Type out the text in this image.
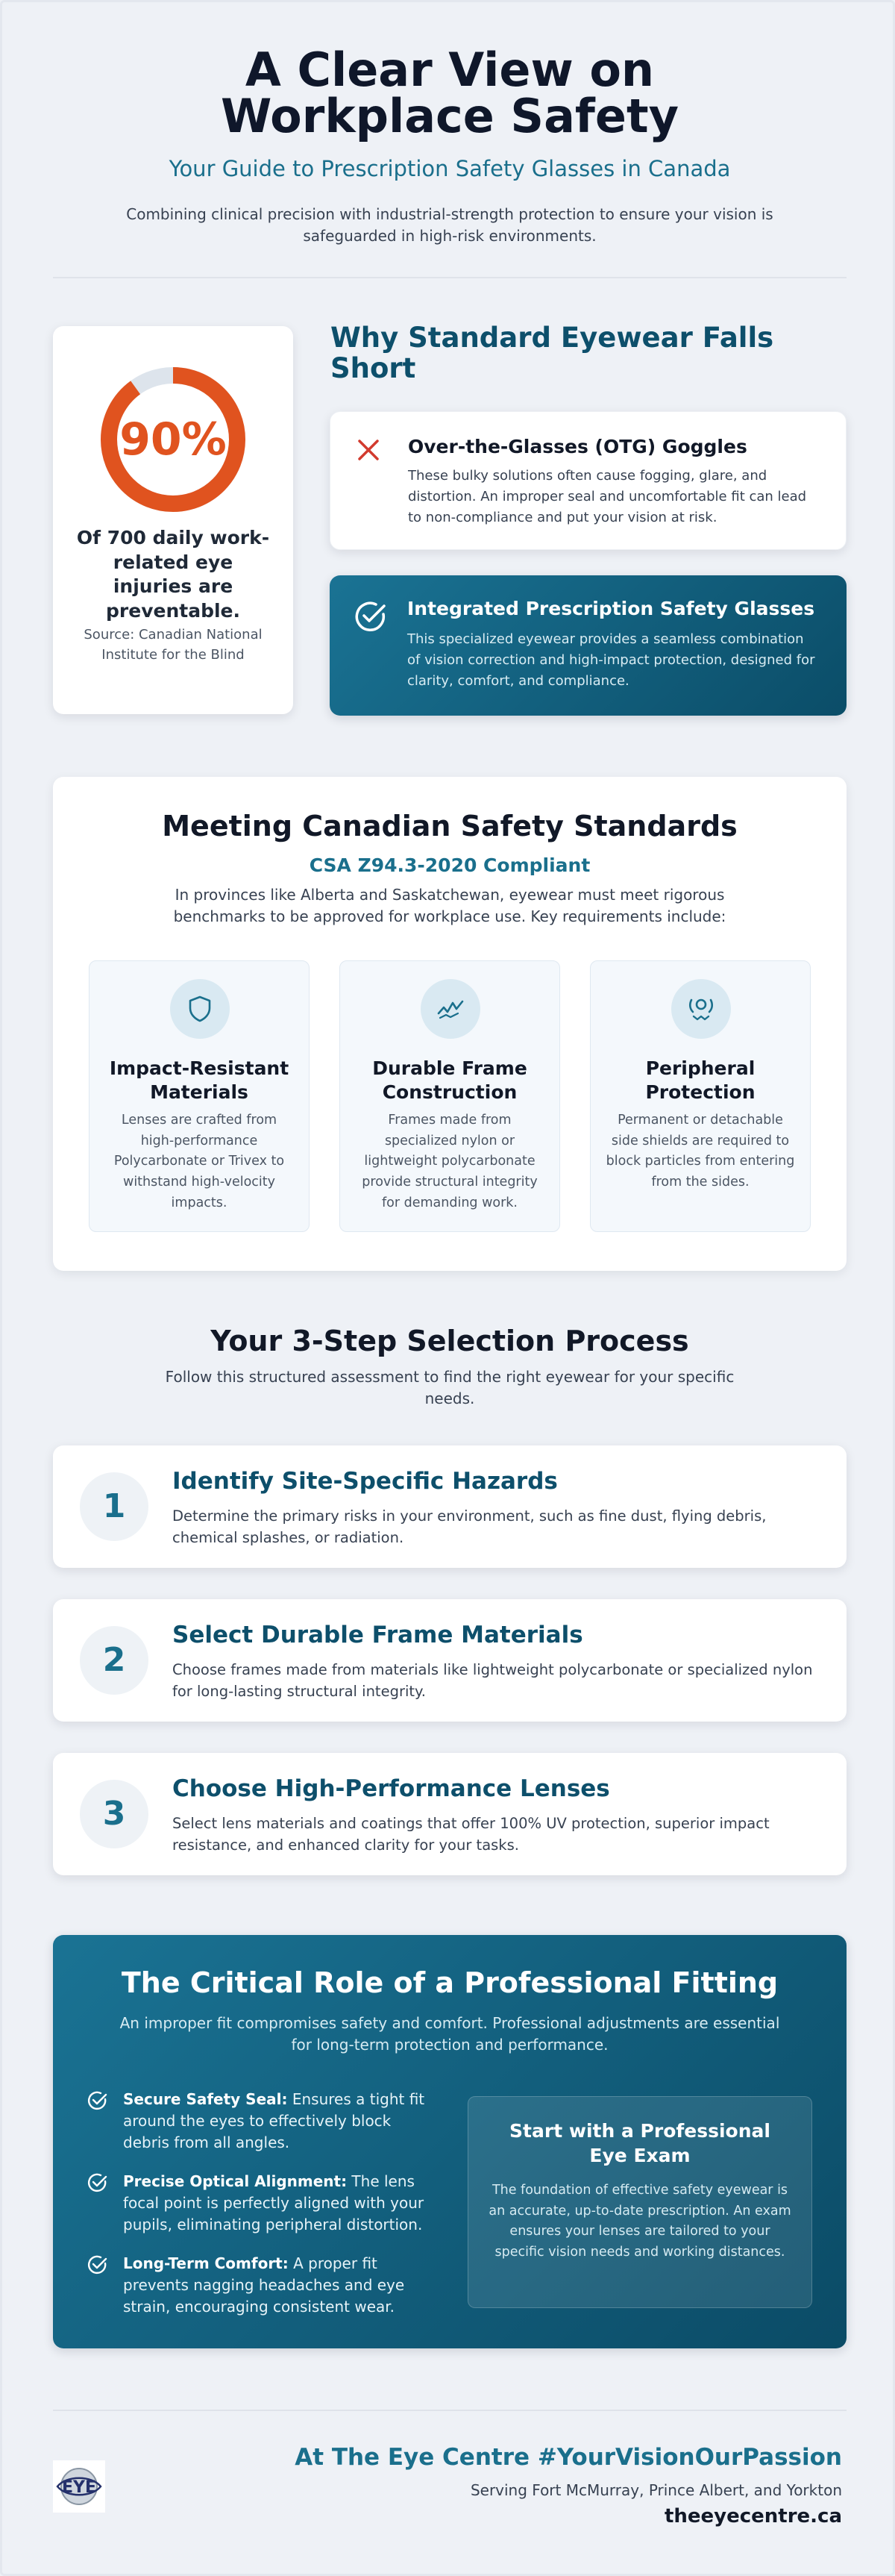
A Clear View on Workplace Safety
Your Guide to Prescription Safety Glasses in Canada

Combining clinical precision with industrial-strength protection to ensure your vision is safeguarded in high-risk environments.

90%
Of 700 daily work-related eye injuries are preventable.
Source: Canadian National Institute for the Blind
Why Standard Eyewear Falls Short
Over-the-Glasses (OTG) Goggles
These bulky solutions often cause fogging, glare, and distortion. An improper seal and uncomfortable fit can lead to non-compliance and put your vision at risk.
Integrated Prescription Safety Glasses
This specialized eyewear provides a seamless combination of vision correction and high-impact protection, designed for clarity, comfort, and compliance.
Meeting Canadian Safety Standards
CSA Z94.3-2020 Compliant

In provinces like Alberta and Saskatchewan, eyewear must meet rigorous benchmarks to be approved for workplace use. Key requirements include:

Impact-Resistant Materials
Lenses are crafted from high-performance Polycarbonate or Trivex to withstand high-velocity impacts.
Durable Frame Construction
Frames made from specialized nylon or lightweight polycarbonate provide structural integrity for demanding work.
Peripheral Protection
Permanent or detachable side shields are required to block particles from entering from the sides.
Your 3-Step Selection Process

Follow this structured assessment to find the right eyewear for your specific needs.

1
Identify Site-Specific Hazards
Determine the primary risks in your environment, such as fine dust, flying debris, chemical splashes, or radiation.
2
Select Durable Frame Materials
Choose frames made from materials like lightweight polycarbonate or specialized nylon for long-lasting structural integrity.
3
Choose High-Performance Lenses
Select lens materials and coatings that offer 100% UV protection, superior impact resistance, and enhanced clarity for your tasks.
The Critical Role of a Professional Fitting

An improper fit compromises safety and comfort. Professional adjustments are essential for long-term protection and performance.

Secure Safety Seal: Ensures a tight fit around the eyes to effectively block debris from all angles.
Precise Optical Alignment: The lens focal point is perfectly aligned with your pupils, eliminating peripheral distortion.
Long-Term Comfort: A proper fit prevents nagging headaches and eye strain, encouraging consistent wear.
Start with a Professional Eye Exam
The foundation of effective safety eyewear is an accurate, up-to-date prescription. An exam ensures your lenses are tailored to your specific vision needs and working distances.
EYE
At The Eye Centre #YourVisionOurPassion
Serving Fort McMurray, Prince Albert, and Yorkton
theeyecentre.ca
